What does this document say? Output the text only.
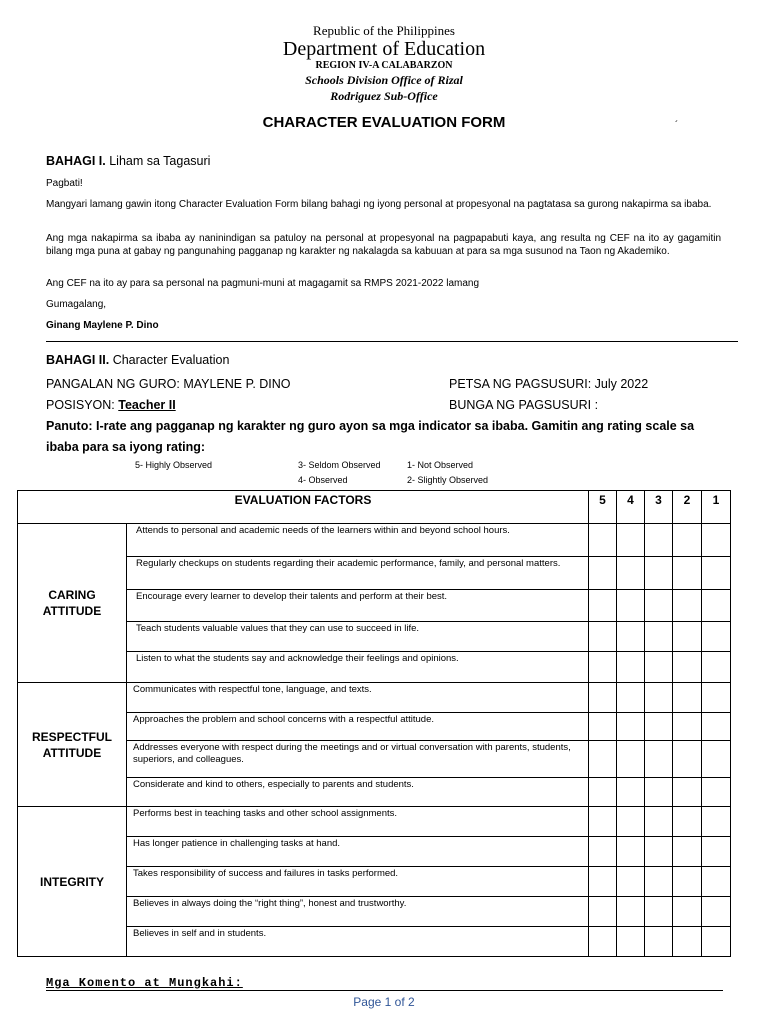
Republic of the Philippines
Department of Education
REGION IV-A CALABARZON
Schools Division Office of Rizal
Rodriguez Sub-Office
CHARACTER EVALUATION FORM	´
BAHAGI I. Liham sa Tagasuri
Pagbati!
Mangyari lamang gawin itong Character Evaluation Form bilang bahagi ng iyong personal at propesyonal na pagtatasa sa gurong nakapirma sa ibaba.
Ang mga nakapirma sa ibaba ay naninindigan sa patuloy na personal at propesyonal na pagpapabuti kaya, ang resulta ng CEF na ito ay gagamitin bilang mga puna at gabay ng pangunahing pagganap ng karakter ng nakalagda sa kabuuan at para sa mga susunod na Taon ng Akademiko.
Ang CEF na ito ay para sa personal na pagmuni-muni at magagamit sa RMPS 2021-2022 lamang
Gumagalang,
Ginang Maylene P. Dino
BAHAGI II. Character Evaluation
PANGALAN NG GURO: MAYLENE P. DINO	PETSA NG PAGSUSURI: July 2022
POSISYON: Teacher II	BUNGA NG PAGSUSURI :
Panuto: I-rate ang pagganap ng karakter ng guro ayon sa mga indicator sa ibaba. Gamitin ang rating scale sa ibaba para sa iyong rating:
5- Highly Observed	3- Seldom Observed	1- Not Observed
4- Observed	2- Slightly Observed
EVALUATION FACTORS		5	4	3	2	1
CARING
ATTITUDE	Attends to personal and academic needs of the learners within and beyond school hours.					
	Regularly checkups on students regarding their academic performance, family, and personal matters.					
	Encourage every learner to develop their talents and perform at their best.					
	Teach students valuable values that they can use to succeed in life.					
	Listen to what the students say and acknowledge their feelings and opinions.					
RESPECTFUL
ATTITUDE	Communicates with respectful tone, language, and texts.					
	Approaches the problem and school concerns with a respectful attitude.					
	Addresses everyone with respect during the meetings and or virtual conversation with parents, students, superiors, and colleagues.					
	Considerate and kind to others, especially to parents and students.					
INTEGRITY	Performs best in teaching tasks and other school assignments.					
	Has longer patience in challenging tasks at hand.					
	Takes responsibility of success and failures in tasks performed.					
	Believes in always doing the “right thing”, honest and trustworthy.					
	Believes in self and in students.					
Mga Komento at Mungkahi:
Page 1 of 2
